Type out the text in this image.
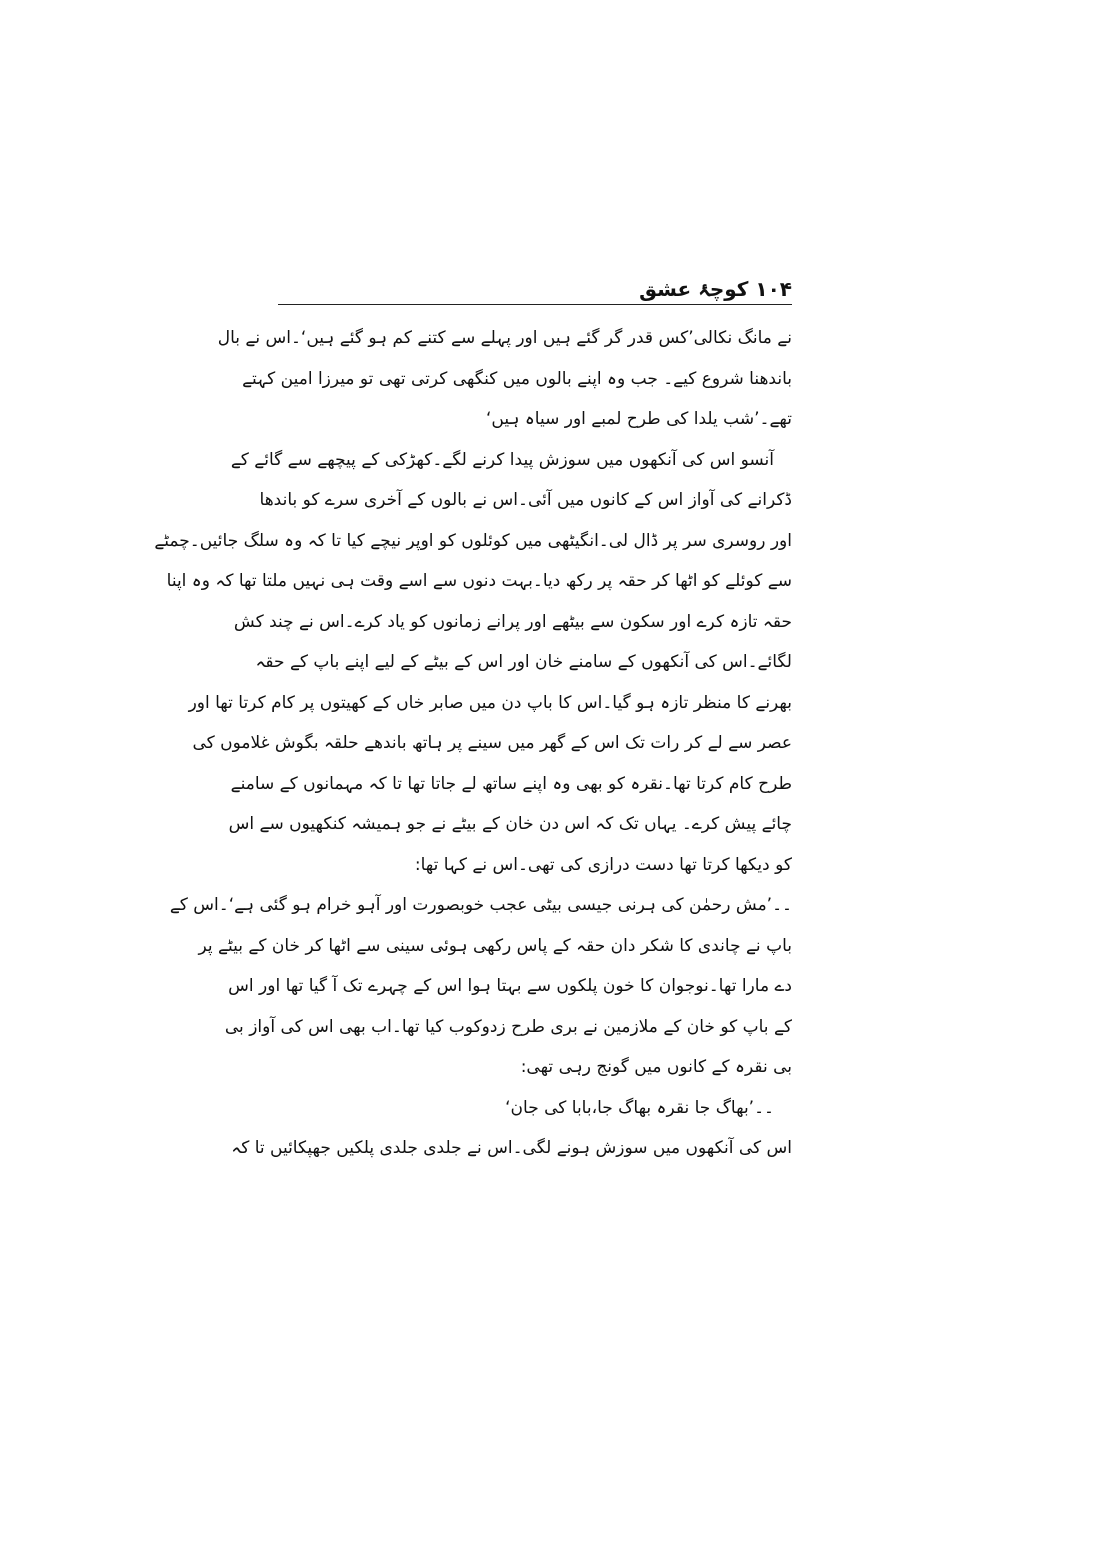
۱۰۴ کوچۂ عشق
نے مانگ نکالی’کس قدر گر گئے ہیں اور پہلے سے کتنے کم ہو گئے ہیں‘۔اس نے بال
باندھنا شروع کیے۔ جب وہ اپنے بالوں میں کنگھی کرتی تھی تو میرزا امین کہتے
تھے۔’شب یلدا کی طرح لمبے اور سیاہ ہیں‘
آنسو اس کی آنکھوں میں سوزش پیدا کرنے لگے۔کھڑکی کے پیچھے سے گائے کے
ڈکرانے کی آواز اس کے کانوں میں آئی۔اس نے بالوں کے آخری سرے کو باندھا
اور روسری سر پر ڈال لی۔انگیٹھی میں کوئلوں کو اوپر نیچے کیا تا کہ وہ سلگ جائیں۔چمٹے
سے کوئلے کو اٹھا کر حقہ پر رکھ دیا۔بہت دنوں سے اسے وقت ہی نہیں ملتا تھا کہ وہ اپنا
حقہ تازہ کرے اور سکون سے بیٹھے اور پرانے زمانوں کو یاد کرے۔اس نے چند کش
لگائے۔اس کی آنکھوں کے سامنے خان اور اس کے بیٹے کے لیے اپنے باپ کے حقہ
بھرنے کا منظر تازہ ہو گیا۔اس کا باپ دن میں صابر خاں کے کھیتوں پر کام کرتا تھا اور
عصر سے لے کر رات تک اس کے گھر میں سینے پر ہاتھ باندھے حلقہ بگوش غلاموں کی
طرح کام کرتا تھا۔نقرہ کو بھی وہ اپنے ساتھ لے جاتا تھا تا کہ مہمانوں کے سامنے
چائے پیش کرے۔ یہاں تک کہ اس دن خان کے بیٹے نے جو ہمیشہ کنکھیوں سے اس
کو دیکھا کرتا تھا دست درازی کی تھی۔اس نے کہا تھا:
۔۔’مش رحمٰن کی ہرنی جیسی بیٹی عجب خوبصورت اور آہو خرام ہو گئی ہے‘۔اس کے
باپ نے چاندی کا شکر دان حقہ کے پاس رکھی ہوئی سینی سے اٹھا کر خان کے بیٹے پر
دے مارا تھا۔نوجوان کا خون پلکوں سے بہتا ہوا اس کے چہرے تک آ گیا تھا اور اس
کے باپ کو خان کے ملازمین نے بری طرح زدوکوب کیا تھا۔اب بھی اس کی آواز بی
بی نقرہ کے کانوں میں گونج رہی تھی:
۔۔’بھاگ جا نقرہ بھاگ جا،بابا کی جان‘
اس کی آنکھوں میں سوزش ہونے لگی۔اس نے جلدی جلدی پلکیں جھپکائیں تا کہ
